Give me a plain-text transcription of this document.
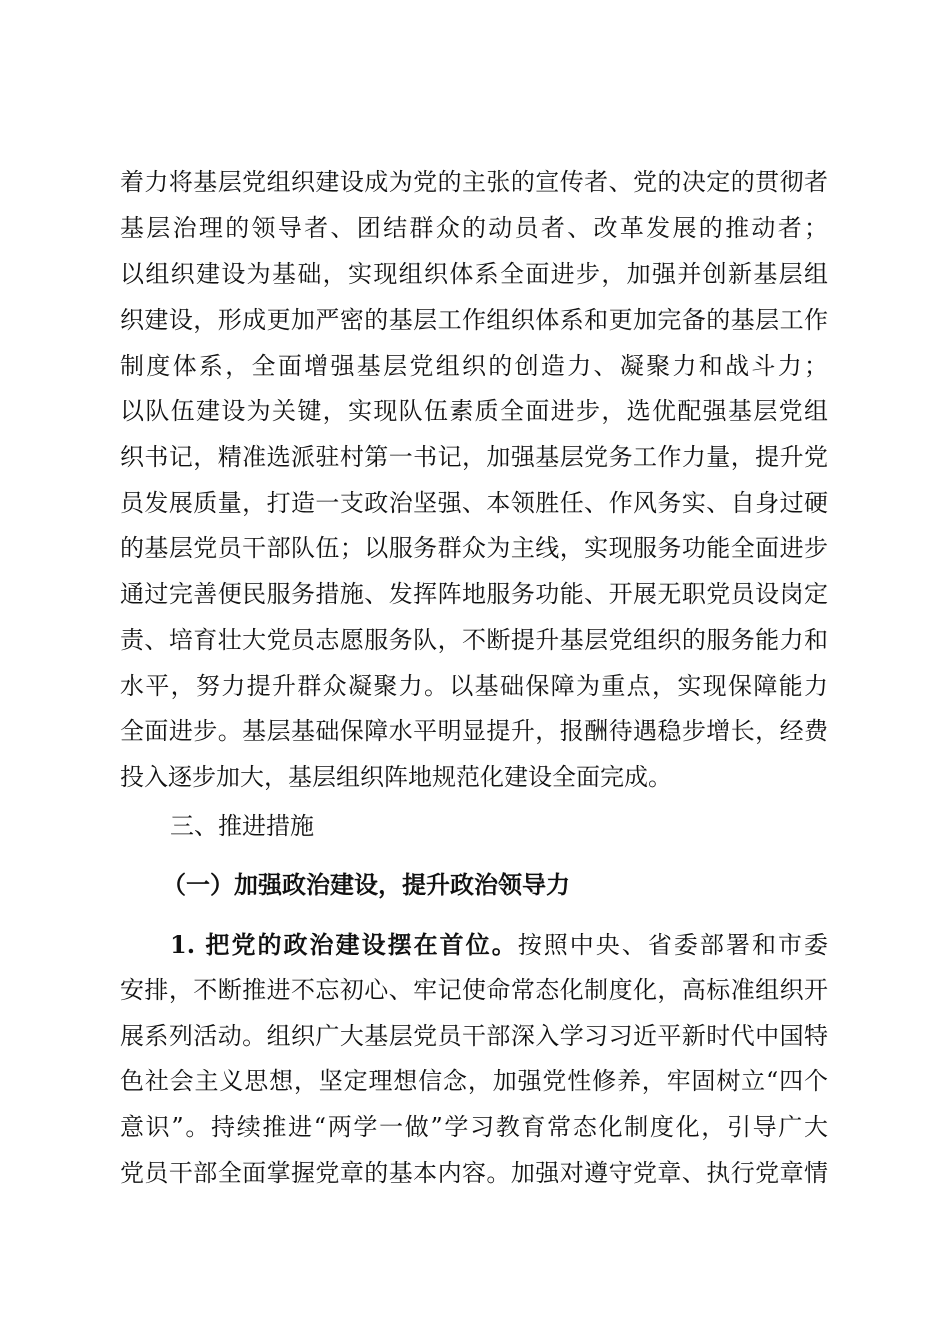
着力将基层党组织建设成为党的主张的宣传者、党的决定的贯彻者
基层治理的领导者、团结群众的动员者、改革发展的推动者；
以组织建设为基础，实现组织体系全面进步，加强并创新基层组
织建设，形成更加严密的基层工作组织体系和更加完备的基层工作
制度体系，全面增强基层党组织的创造力、凝聚力和战斗力；
以队伍建设为关键，实现队伍素质全面进步，选优配强基层党组
织书记，精准选派驻村第一书记，加强基层党务工作力量，提升党
员发展质量，打造一支政治坚强、本领胜任、作风务实、自身过硬
的基层党员干部队伍；以服务群众为主线，实现服务功能全面进步
通过完善便民服务措施、发挥阵地服务功能、开展无职党员设岗定
责、培育壮大党员志愿服务队，不断提升基层党组织的服务能力和
水平，努力提升群众凝聚力。以基础保障为重点，实现保障能力
全面进步。基层基础保障水平明显提升，报酬待遇稳步增长，经费
投入逐步加大，基层组织阵地规范化建设全面完成。
三、推进措施
（一）加强政治建设，提升政治领导力
1. 把党的政治建设摆在首位。按照中央、省委部署和市委
安排，不断推进不忘初心、牢记使命常态化制度化，高标准组织开
展系列活动。组织广大基层党员干部深入学习习近平新时代中国特
色社会主义思想，坚定理想信念，加强党性修养，牢固树立“四个
意识”。持续推进“两学一做”学习教育常态化制度化，引导广大
党员干部全面掌握党章的基本内容。加强对遵守党章、执行党章情
